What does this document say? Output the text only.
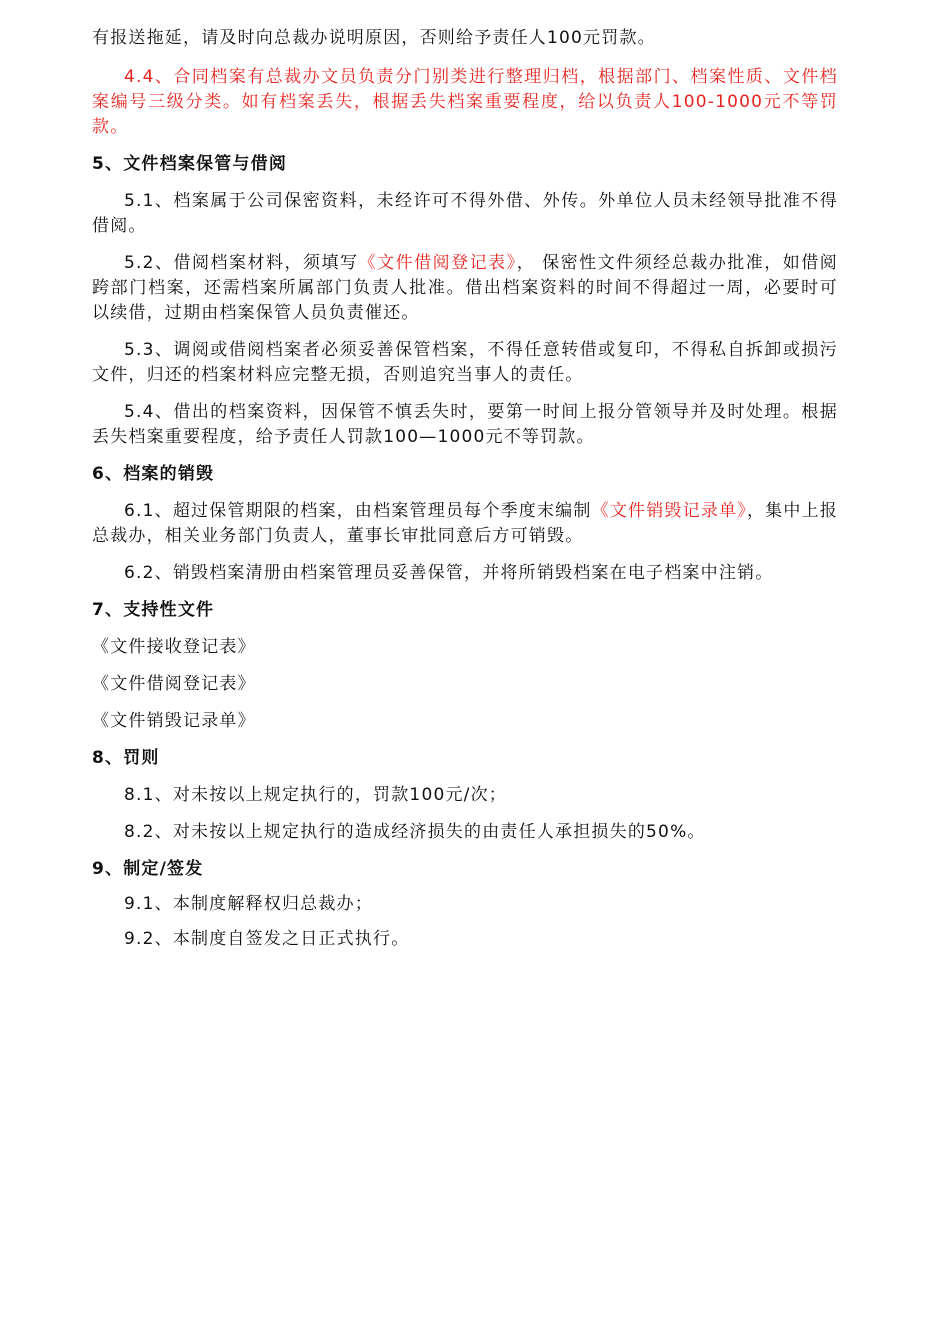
有报送拖延，请及时向总裁办说明原因，否则给予责任人100元罚款。

4.4、合同档案有总裁办文员负责分门别类进行整理归档，根据部门、档案性质、文件档案编号三级分类。如有档案丢失，根据丢失档案重要程度，给以负责人100-1000元不等罚款。

5、文件档案保管与借阅

5.1、档案属于公司保密资料，未经许可不得外借、外传。外单位人员未经领导批准不得借阅。

5.2、借阅档案材料，须填写《文件借阅登记表》， 保密性文件须经总裁办批准，如借阅跨部门档案，还需档案所属部门负责人批准。借出档案资料的时间不得超过一周，必要时可以续借，过期由档案保管人员负责催还。

5.3、调阅或借阅档案者必须妥善保管档案，不得任意转借或复印，不得私自拆卸或损污文件，归还的档案材料应完整无损，否则追究当事人的责任。

5.4、借出的档案资料，因保管不慎丢失时，要第一时间上报分管领导并及时处理。根据丢失档案重要程度，给予责任人罚款100—1000元不等罚款。

6、档案的销毁

6.1、超过保管期限的档案，由档案管理员每个季度末编制《文件销毁记录单》，集中上报总裁办，相关业务部门负责人，董事长审批同意后方可销毁。

6.2、销毁档案清册由档案管理员妥善保管，并将所销毁档案在电子档案中注销。

7、支持性文件
《文件接收登记表》
《文件借阅登记表》
《文件销毁记录单》
8、罚则

8.1、对未按以上规定执行的，罚款100元/次；

8.2、对未按以上规定执行的造成经济损失的由责任人承担损失的50%。

9、制定/签发

9.1、本制度解释权归总裁办；

9.2、本制度自签发之日正式执行。
